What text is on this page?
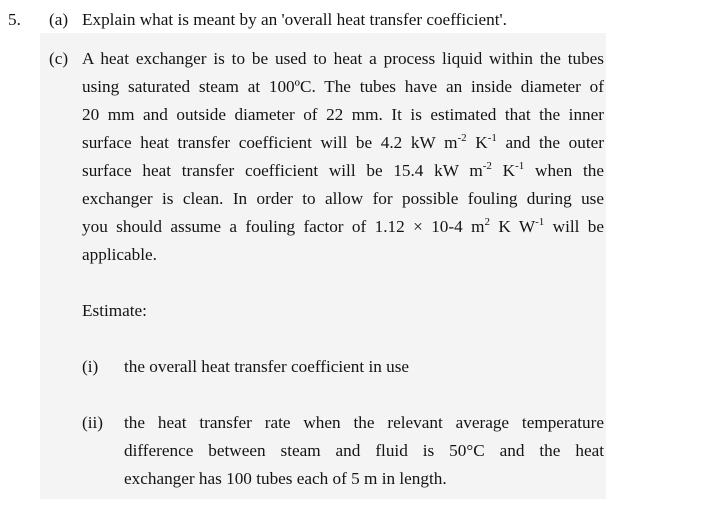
5. (a) Explain what is meant by an 'overall heat transfer coefficient'.
(c) A heat exchanger is to be used to heat a process liquid within the tubes
using saturated steam at 100ºC. The tubes have an inside diameter of
20 mm and outside diameter of 22 mm. It is estimated that the inner
surface heat transfer coefficient will be 4.2 kW $m^{-2}$ $K^{-1}$ and the outer
surface heat transfer coefficient will be 15.4 kW $m^{-2}$ $K^{-1}$ when the
exchanger is clean. In order to allow for possible fouling during use
you should assume a fouling factor of 1.12 × 10-4 $m^2$ K $W^{-1}$ will be
applicable.
Estimate:
(i) the overall heat transfer coefficient in use
(ii) the heat transfer rate when the relevant average temperature
difference between steam and fluid is 50°C and the heat
exchanger has 100 tubes each of 5 m in length.
